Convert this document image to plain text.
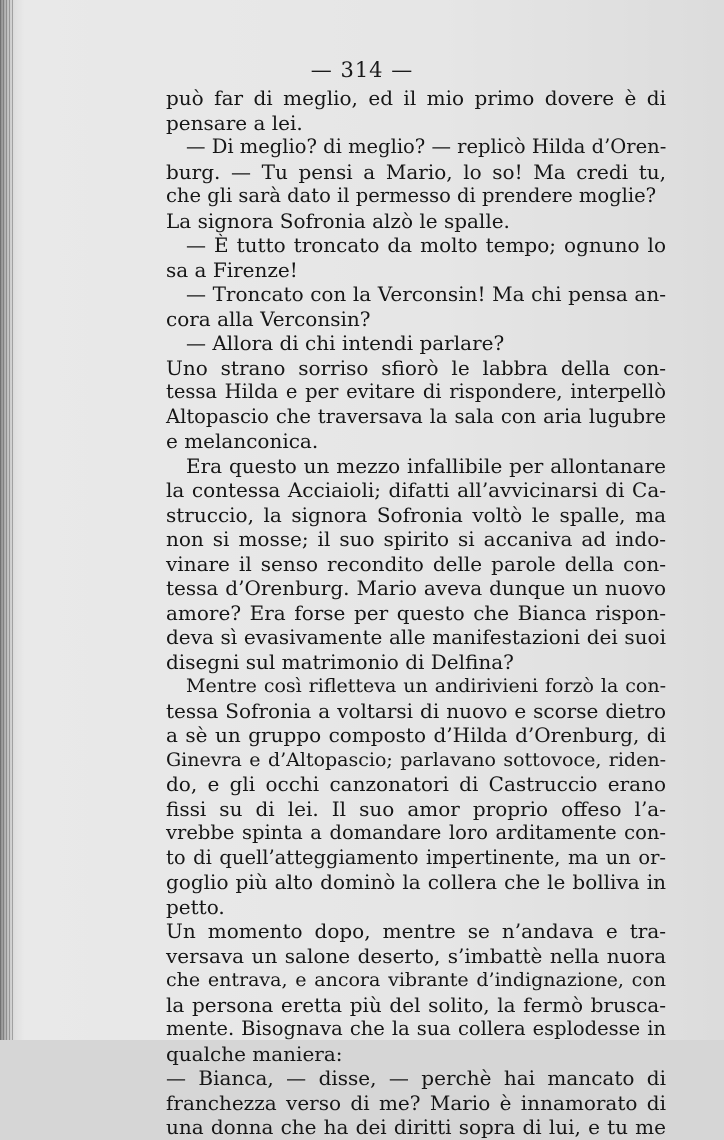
— 314 —
può far di meglio, ed il mio primo dovere è di
pensare a lei.
— Di meglio? di meglio? — replicò Hilda d’Oren-
burg. — Tu pensi a Mario, lo so! Ma credi tu,
che gli sarà dato il permesso di prendere moglie?
La signora Sofronia alzò le spalle.
— È tutto troncato da molto tempo; ognuno lo
sa a Firenze!
— Troncato con la Verconsin! Ma chi pensa an-
cora alla Verconsin?
— Allora di chi intendi parlare?
Uno strano sorriso sfiorò le labbra della con-
tessa Hilda e per evitare di rispondere, interpellò
Altopascio che traversava la sala con aria lugubre
e melanconica.
Era questo un mezzo infallibile per allontanare
la contessa Acciaioli; difatti all’avvicinarsi di Ca-
struccio, la signora Sofronia voltò le spalle, ma
non si mosse; il suo spirito si accaniva ad indo-
vinare il senso recondito delle parole della con-
tessa d’Orenburg. Mario aveva dunque un nuovo
amore? Era forse per questo che Bianca rispon-
deva sì evasivamente alle manifestazioni dei suoi
disegni sul matrimonio di Delfina?
Mentre così rifletteva un andirivieni forzò la con-
tessa Sofronia a voltarsi di nuovo e scorse dietro
a sè un gruppo composto d’Hilda d’Orenburg, di
Ginevra e d’Altopascio; parlavano sottovoce, riden-
do, e gli occhi canzonatori di Castruccio erano
fissi su di lei. Il suo amor proprio offeso l’a-
vrebbe spinta a domandare loro arditamente con-
to di quell’atteggiamento impertinente, ma un or-
goglio più alto dominò la collera che le bolliva in
petto.
Un momento dopo, mentre se n’andava e tra-
versava un salone deserto, s’imbattè nella nuora
che entrava, e ancora vibrante d’indignazione, con
la persona eretta più del solito, la fermò brusca-
mente. Bisognava che la sua collera esplodesse in
qualche maniera:
— Bianca, — disse, — perchè hai mancato di
franchezza verso di me? Mario è innamorato di
una donna che ha dei diritti sopra di lui, e tu me
